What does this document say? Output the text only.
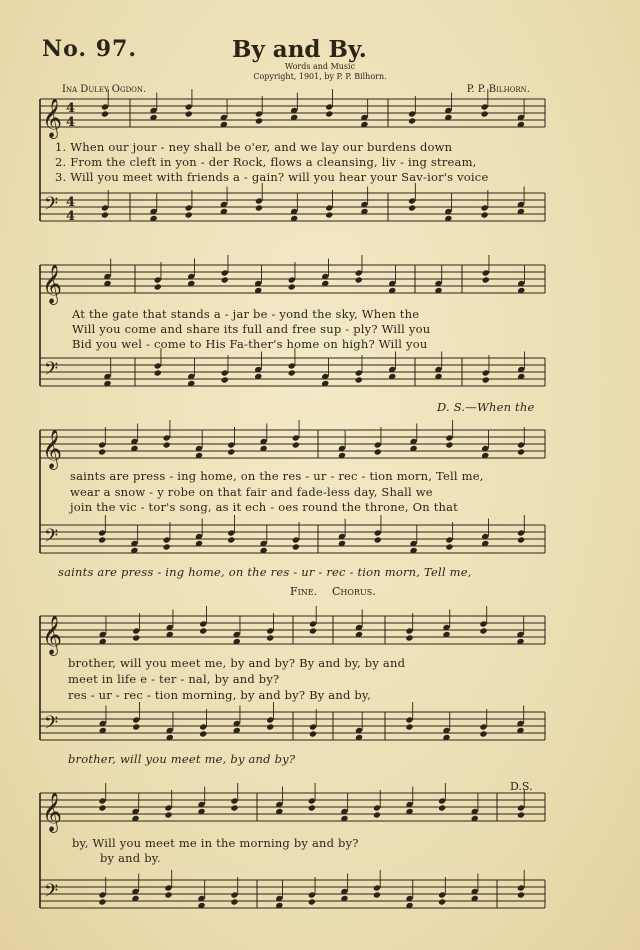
No. 97.	By and By.
Words and Music
Copyright, 1901, by P. P. Bilhorn.
Ina Duley Ogdon.	P. P. Bilhorn.
𝄞
𝄢
𝄞
𝄢
𝄞
𝄢
𝄞
𝄢
𝄞
𝄢
4
4
4
4
1. When our jour - ney shall be o'er, and we lay our burdens down
2. From the cleft in yon - der Rock, flows a cleansing, liv - ing stream,
3. Will you meet with friends a - gain? will you hear your Sav-ior's voice
At the gate that stands a - jar be - yond the sky, When the
Will you come and share its full and free sup - ply? Will you
Bid you wel - come to His Fa-ther's home on high? Will you
D. S.—When the
saints are press - ing home, on the res - ur - rec - tion morn, Tell me,
wear a snow - y robe on that fair and fade-less day, Shall we
join the vic - tor's song, as it ech - oes round the throne, On that
saints are press - ing home, on the res - ur - rec - tion morn, Tell me,
Fine. Chorus.
brother, will you meet me, by and by? By and by, by and
meet in life e - ter - nal, by and by?
res - ur - rec - tion morning, by and by? By and by,
brother, will you meet me, by and by?
D.S.
by, Will you meet me in the morning by and by?
by and by.
